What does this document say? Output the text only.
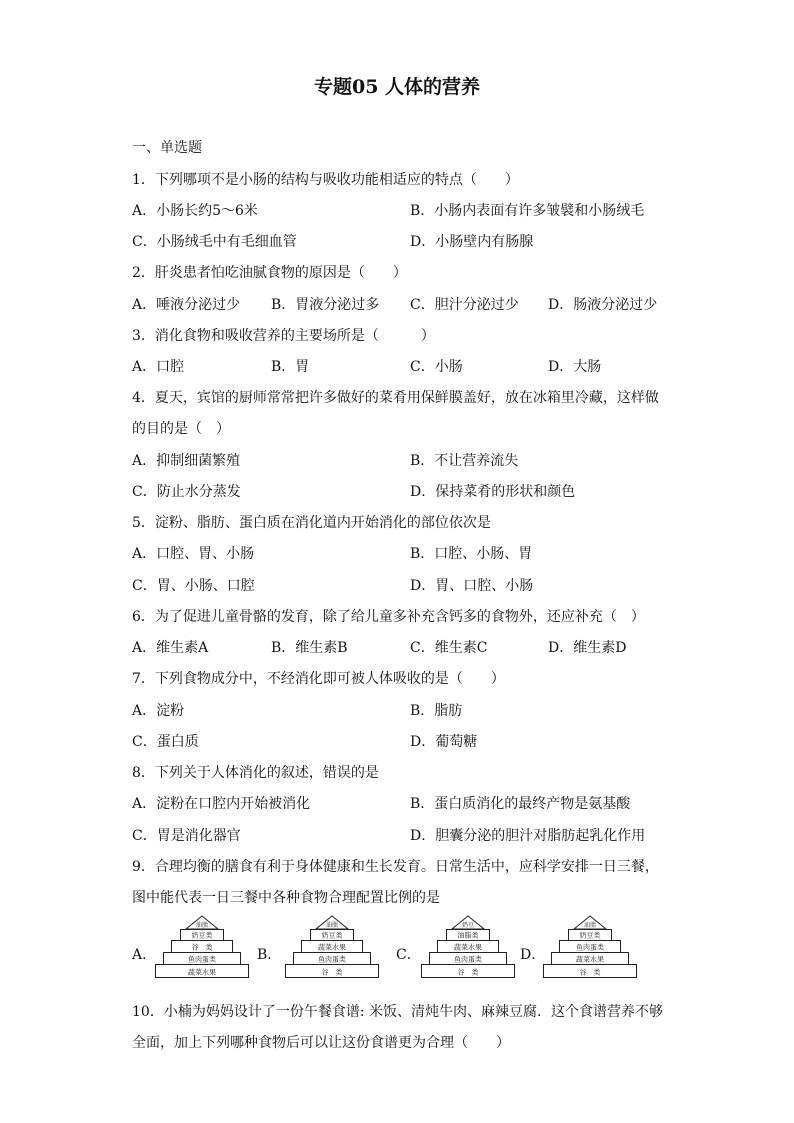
专题05 人体的营养
一、单选题
1．下列哪项不是小肠的结构与吸收功能相适应的特点（　　）
A．小肠长约5～6米	B．小肠内表面有许多皱襞和小肠绒毛
C．小肠绒毛中有毛细血管	D．小肠壁内有肠腺
2．肝炎患者怕吃油腻食物的原因是（　　）
A．唾液分泌过少 B．胃液分泌过多 C．胆汁分泌过少 D．肠液分泌过少
3．消化食物和吸收营养的主要场所是（　　　）
A．口腔	B．胃	C．小肠	D．大肠
4．夏天，宾馆的厨师常常把许多做好的菜肴用保鲜膜盖好，放在冰箱里冷藏，这样做
的目的是（　）
A．抑制细菌繁殖	B．不让营养流失
C．防止水分蒸发	D．保持菜肴的形状和颜色
5．淀粉、脂肪、蛋白质在消化道内开始消化的部位依次是
A．口腔、胃、小肠	B．口腔、小肠、胃
C．胃、小肠、口腔	D．胃、口腔、小肠
6．为了促进儿童骨骼的发育，除了给儿童多补充含钙多的食物外，还应补充（　）
A．维生素A	B．维生素B	C．维生素C	D．维生素D
7．下列食物成分中，不经消化即可被人体吸收的是（　　）
A．淀粉	B．脂肪
C．蛋白质	D．葡萄糖
8．下列关于人体消化的叙述，错误的是
A．淀粉在口腔内开始被消化	B．蛋白质消化的最终产物是氨基酸
C．胃是消化器官	D．胆囊分泌的胆汁对脂肪起乳化作用
9．合理均衡的膳食有利于身体健康和生长发育。日常生活中，应科学安排一日三餐，
图中能代表一日三餐中各种食物合理配置比例的是
A．
油脂
奶豆类
谷　类
鱼肉蛋类
蔬菜水果
B．
油脂
奶豆类
蔬菜水果
鱼肉蛋类
谷　类
C．
奶豆
油脂类
蔬菜水果
鱼肉蛋类
谷　类
D．
油脂
奶豆类
鱼肉蛋类
蔬菜水果
谷　类
10．小楠为妈妈设计了一份午餐食谱: 米饭、清炖牛肉、麻辣豆腐．这个食谱营养不够
全面，加上下列哪种食物后可以让这份食谱更为合理（　　）
